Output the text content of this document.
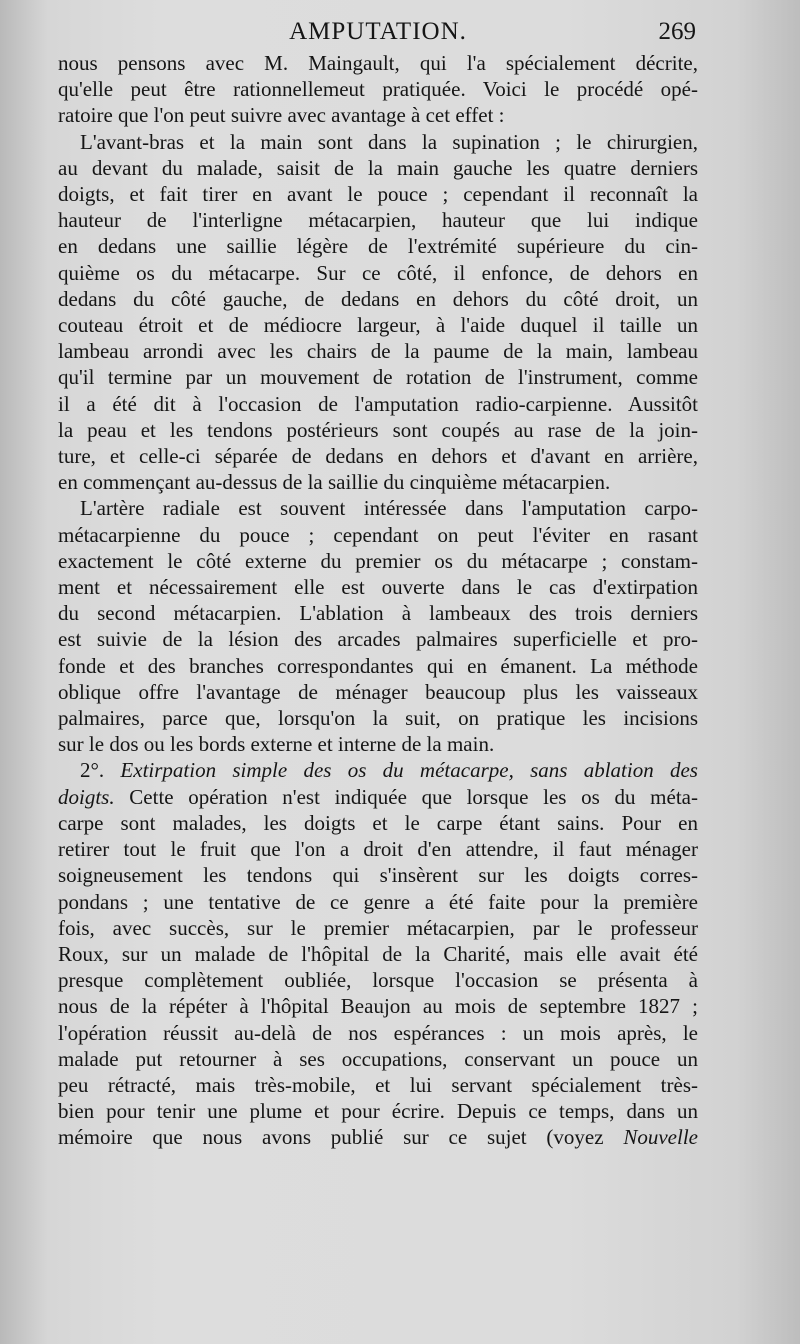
AMPUTATION.	269
nous pensons avec M. Maingault, qui l'a spécialement décrite,
qu'elle peut être rationnellemeut pratiquée. Voici le procédé opé-
ratoire que l'on peut suivre avec avantage à cet effet :
L'avant-bras et la main sont dans la supination ; le chirurgien,
au devant du malade, saisit de la main gauche les quatre derniers
doigts, et fait tirer en avant le pouce ; cependant il reconnaît la
hauteur de l'interligne métacarpien, hauteur que lui indique
en dedans une saillie légère de l'extrémité supérieure du cin-
quième os du métacarpe. Sur ce côté, il enfonce, de dehors en
dedans du côté gauche, de dedans en dehors du côté droit, un
couteau étroit et de médiocre largeur, à l'aide duquel il taille un
lambeau arrondi avec les chairs de la paume de la main, lambeau
qu'il termine par un mouvement de rotation de l'instrument, comme
il a été dit à l'occasion de l'amputation radio-carpienne. Aussitôt
la peau et les tendons postérieurs sont coupés au rase de la join-
ture, et celle-ci séparée de dedans en dehors et d'avant en arrière,
en commençant au-dessus de la saillie du cinquième métacarpien.
L'artère radiale est souvent intéressée dans l'amputation carpo-
métacarpienne du pouce ; cependant on peut l'éviter en rasant
exactement le côté externe du premier os du métacarpe ; constam-
ment et nécessairement elle est ouverte dans le cas d'extirpation
du second métacarpien. L'ablation à lambeaux des trois derniers
est suivie de la lésion des arcades palmaires superficielle et pro-
fonde et des branches correspondantes qui en émanent. La méthode
oblique offre l'avantage de ménager beaucoup plus les vaisseaux
palmaires, parce que, lorsqu'on la suit, on pratique les incisions
sur le dos ou les bords externe et interne de la main.
2°. Extirpation simple des os du métacarpe, sans ablation des
doigts. Cette opération n'est indiquée que lorsque les os du méta-
carpe sont malades, les doigts et le carpe étant sains. Pour en
retirer tout le fruit que l'on a droit d'en attendre, il faut ménager
soigneusement les tendons qui s'insèrent sur les doigts corres-
pondans ; une tentative de ce genre a été faite pour la première
fois, avec succès, sur le premier métacarpien, par le professeur
Roux, sur un malade de l'hôpital de la Charité, mais elle avait été
presque complètement oubliée, lorsque l'occasion se présenta à
nous de la répéter à l'hôpital Beaujon au mois de septembre 1827 ;
l'opération réussit au-delà de nos espérances : un mois après, le
malade put retourner à ses occupations, conservant un pouce un
peu rétracté, mais très-mobile, et lui servant spécialement très-
bien pour tenir une plume et pour écrire. Depuis ce temps, dans un
mémoire que nous avons publié sur ce sujet (voyez Nouvelle
